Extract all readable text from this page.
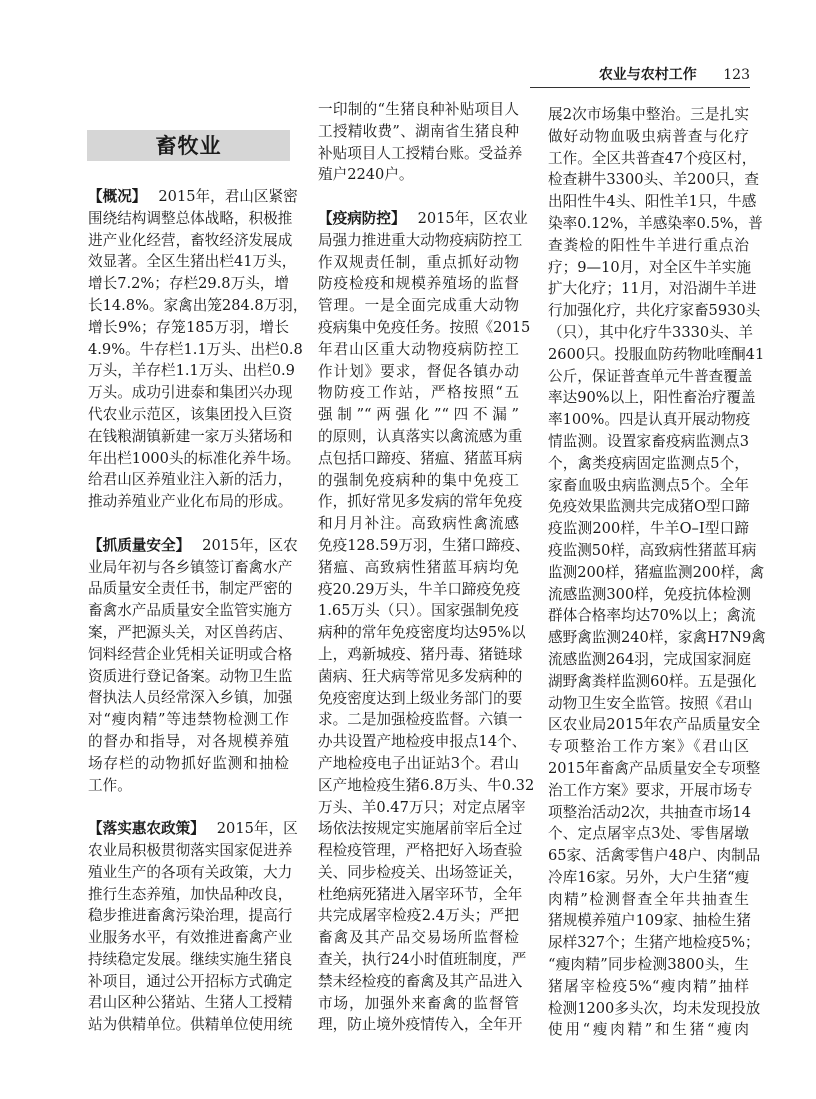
农业与农村工作 123
畜牧业
【概况】 2015年，君山区紧密
围绕结构调整总体战略，积极推
进产业化经营，畜牧经济发展成
效显著。全区生猪出栏41万头，
增长7.2%；存栏29.8万头，增
长14.8%。家禽出笼284.8万羽，
增长9%；存笼185万羽，增长
4.9%。牛存栏1.1万头、出栏0.8
万头，羊存栏1.1万头、出栏0.9
万头。成功引进泰和集团兴办现
代农业示范区，该集团投入巨资
在钱粮湖镇新建一家万头猪场和
年出栏1000头的标准化养牛场。
给君山区养殖业注入新的活力，
推动养殖业产业化布局的形成。
【抓质量安全】 2015年，区农
业局年初与各乡镇签订畜禽水产
品质量安全责任书，制定严密的
畜禽水产品质量安全监管实施方
案，严把源头关，对区兽药店、
饲料经营企业凭相关证明或合格
资质进行登记备案。动物卫生监
督执法人员经常深入乡镇，加强
对“瘦肉精”等违禁物检测工作
的督办和指导，对各规模养殖
场存栏的动物抓好监测和抽检
工作。
【落实惠农政策】 2015年，区
农业局积极贯彻落实国家促进养
殖业生产的各项有关政策，大力
推行生态养殖，加快品种改良，
稳步推进畜禽污染治理，提高行
业服务水平，有效推进畜禽产业
持续稳定发展。继续实施生猪良
补项目，通过公开招标方式确定
君山区种公猪站、生猪人工授精
站为供精单位。供精单位使用统
一印制的“生猪良种补贴项目人
工授精收费”、湖南省生猪良种
补贴项目人工授精台账。受益养
殖户2240户。
【疫病防控】 2015年，区农业
局强力推进重大动物疫病防控工
作双规责任制，重点抓好动物
防疫检疫和规模养殖场的监督
管理。一是全面完成重大动物
疫病集中免疫任务。按照《2015
年君山区重大动物疫病防控工
作计划》要求，督促各镇办动
物防疫工作站，严格按照“五
强制”“两强化”“四不漏”
的原则，认真落实以禽流感为重
点包括口蹄疫、猪瘟、猪蓝耳病
的强制免疫病种的集中免疫工
作，抓好常见多发病的常年免疫
和月月补注。高致病性禽流感
免疫128.59万羽，生猪口蹄疫、
猪瘟、高致病性猪蓝耳病均免
疫20.29万头，牛羊口蹄疫免疫
1.65万头（只）。国家强制免疫
病种的常年免疫密度均达95%以
上，鸡新城疫、猪丹毒、猪链球
菌病、狂犬病等常见多发病种的
免疫密度达到上级业务部门的要
求。二是加强检疫监督。六镇一
办共设置产地检疫申报点14个、
产地检疫电子出证站3个。君山
区产地检疫生猪6.8万头、牛0.32
万头、羊0.47万只；对定点屠宰
场依法按规定实施屠前宰后全过
程检疫管理，严格把好入场查验
关、同步检疫关、出场签证关，
杜绝病死猪进入屠宰环节，全年
共完成屠宰检疫2.4万头；严把
畜禽及其产品交易场所监督检
查关，执行24小时值班制度，严
禁未经检疫的畜禽及其产品进入
市场，加强外来畜禽的监督管
理，防止境外疫情传入，全年开
展2次市场集中整治。三是扎实
做好动物血吸虫病普查与化疗
工作。全区共普查47个疫区村，
检查耕牛3300头、羊200只，查
出阳性牛4头、阳性羊1只，牛感
染率0.12%，羊感染率0.5%，普
查粪检的阳性牛羊进行重点治
疗；9—10月，对全区牛羊实施
扩大化疗；11月，对沿湖牛羊进
行加强化疗，共化疗家畜5930头
（只），其中化疗牛3330头、羊
2600只。投服血防药物吡喹酮41
公斤，保证普查单元牛普查覆盖
率达90%以上，阳性畜治疗覆盖
率100%。四是认真开展动物疫
情监测。设置家畜疫病监测点3
个，禽类疫病固定监测点5个，
家畜血吸虫病监测点5个。全年
免疫效果监测共完成猪O型口蹄
疫监测200样，牛羊O–I型口蹄
疫监测50样，高致病性猪蓝耳病
监测200样，猪瘟监测200样，禽
流感监测300样，免疫抗体检测
群体合格率均达70%以上；禽流
感野禽监测240样，家禽H7N9禽
流感监测264羽，完成国家洞庭
湖野禽粪样监测60样。五是强化
动物卫生安全监管。按照《君山
区农业局2015年农产品质量安全
专项整治工作方案》《君山区
2015年畜禽产品质量安全专项整
治工作方案》要求，开展市场专
项整治活动2次，共抽查市场14
个、定点屠宰点3处、零售屠墩
65家、活禽零售户48户、肉制品
冷库16家。另外，大户生猪“瘦
肉精”检测督查全年共抽查生
猪规模养殖户109家、抽检生猪
尿样327个；生猪产地检疫5%；
“瘦肉精”同步检测3800头，生
猪屠宰检疫5%“瘦肉精”抽样
检测1200多头次，均未发现投放
使用“瘦肉精”和生猪“瘦肉
